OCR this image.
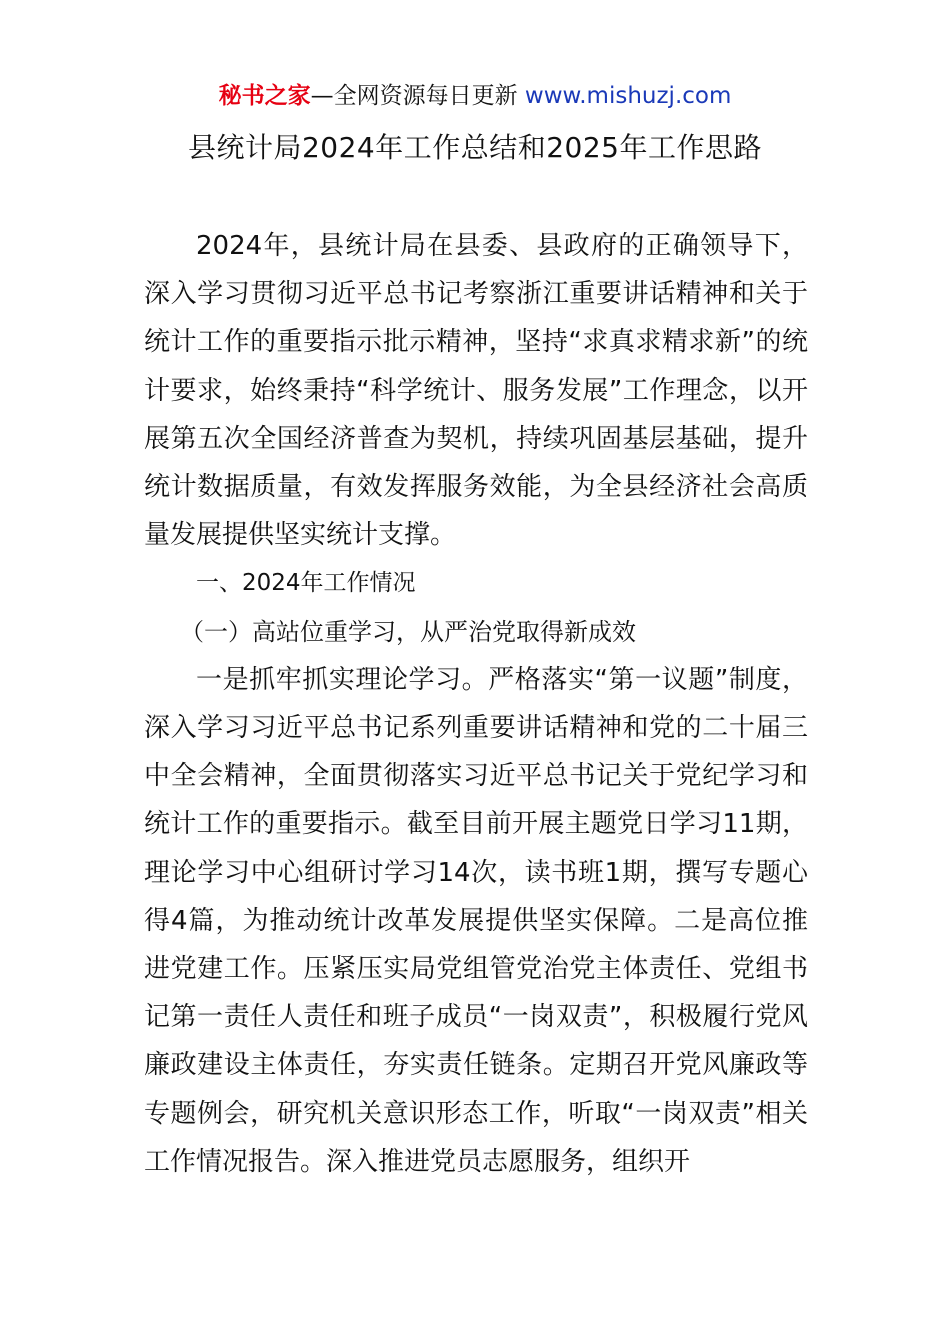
秘书之家—全网资源每日更新 www.mishuzj.com
县统计局2024年工作总结和2025年工作思路

2024年，县统计局在县委、县政府的正确领导下，深入学习贯彻习近平总书记考察浙江重要讲话精神和关于统计工作的重要指示批示精神，坚持“求真求精求新”的统计要求，始终秉持“科学统计、服务发展”工作理念，以开展第五次全国经济普查为契机，持续巩固基层基础，提升统计数据质量，有效发挥服务效能，为全县经济社会高质量发展提供坚实统计支撑。

一、2024年工作情况

（一）高站位重学习，从严治党取得新成效

一是抓牢抓实理论学习。严格落实“第一议题”制度，深入学习习近平总书记系列重要讲话精神和党的二十届三中全会精神，全面贯彻落实习近平总书记关于党纪学习和统计工作的重要指示。截至目前开展主题党日学习11期，理论学习中心组研讨学习14次，读书班1期，撰写专题心得4篇，为推动统计改革发展提供坚实保障。二是高位推进党建工作。压紧压实局党组管党治党主体责任、党组书记第一责任人责任和班子成员“一岗双责”，积极履行党风廉政建设主体责任，夯实责任链条。定期召开党风廉政等专题例会，研究机关意识形态工作，听取“一岗双责”相关工作情况报告。深入推进党员志愿服务，组织开
